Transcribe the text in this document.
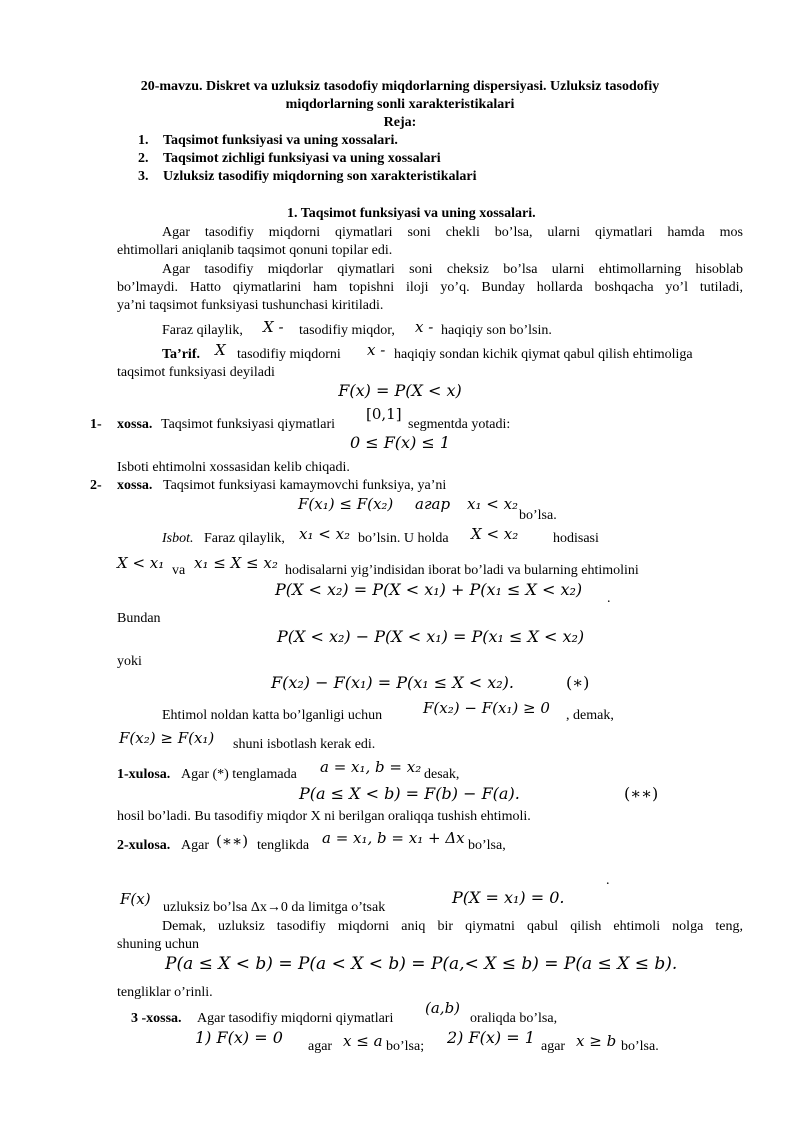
20-mavzu. Diskret va uzluksiz tasodofiy miqdorlarning dispersiyasi. Uzluksiz tasodofiy
miqdorlarning sonli xarakteristikalari
Reja:
1. Taqsimot funksiyasi va uning xossalari.
2. Taqsimot zichligi funksiyasi va uning xossalari
3. Uzluksiz tasodifiy miqdorning son xarakteristikalari
1. Taqsimot funksiyasi va uning xossalari.
Agar tasodifiy miqdorni qiymatlari soni chekli bo’lsa, ularni qiymatlari hamda mos
ehtimollari aniqlanib taqsimot qonuni topilar edi.
Agar tasodifiy miqdorlar qiymatlari soni cheksiz bo’lsa ularni ehtimollarning hisoblab
bo’lmaydi. Hatto qiymatlarini ham topishni iloji yo’q. Bunday hollarda boshqacha yo’l tutiladi,
ya’ni taqsimot funksiyasi tushunchasi kiritiladi.
Faraz qilaylik, X - tasodifiy miqdor, x - haqiqiy son bo’lsin.
Ta’rif. X tasodifiy miqdorni x - haqiqiy sondan kichik qiymat qabul qilish ehtimoliga
taqsimot funksiyasi deyiladi
F(x) = P(X < x)
1- xossa. Taqsimot funksiyasi qiymatlari
[0,1]
segmentda yotadi:
0 ≤ F(x) ≤ 1
Isboti ehtimolni xossasidan kelib chiqadi.
2- xossa. Taqsimot funksiyasi kamaymovchi funksiya, ya’ni
F(x₁) ≤ F(x₂) агар x₁ < x₂
bo’lsa.
Isbot. Faraz qilaylik, x₁ < x₂ bo’lsin. U holda X < x₂ hodisasi
X < x₁ va x₁ ≤ X ≤ x₂ hodisalarni yig’indisidan iborat bo’ladi va bularning ehtimolini
P(X < x₂) = P(X < x₁) + P(x₁ ≤ X < x₂) .
Bundan
P(X < x₂) − P(X < x₁) = P(x₁ ≤ X < x₂)
yoki
F(x₂) − F(x₁) = P(x₁ ≤ X < x₂).	(∗)
Ehtimol noldan katta bo’lganligi uchun	F(x₂) − F(x₁) ≥ 0 , demak,
F(x₂) ≥ F(x₁) shuni isbotlash kerak edi.
1-xulosa. Agar (*) tenglamada a = x₁, b = x₂ desak,
P(a ≤ X < b) = F(b) − F(a).	(∗∗)
hosil bo’ladi. Bu tasodifiy miqdor X ni berilgan oraliqqa tushish ehtimoli.
2-xulosa. Agar (∗∗) tenglikda a = x₁, b = x₁ + Δx bo’lsa,
.
F(x) uzluksiz bo’lsa Δx→0 da limitga o’tsak
P(X = x₁) = 0.
Demak, uzluksiz tasodifiy miqdorni aniq bir qiymatni qabul qilish ehtimoli nolga teng,
shuning uchun
P(a ≤ X < b) = P(a < X < b) = P(a,< X ≤ b) = P(a ≤ X ≤ b).
tengliklar o’rinli.
3 -xossa. Agar tasodifiy miqdorni qiymatlari
(a,b)
oraliqda bo’lsa,
1) F(x) = 0 agar x ≤ a bo’lsa; 2) F(x) = 1 agar x ≥ b bo’lsa.
